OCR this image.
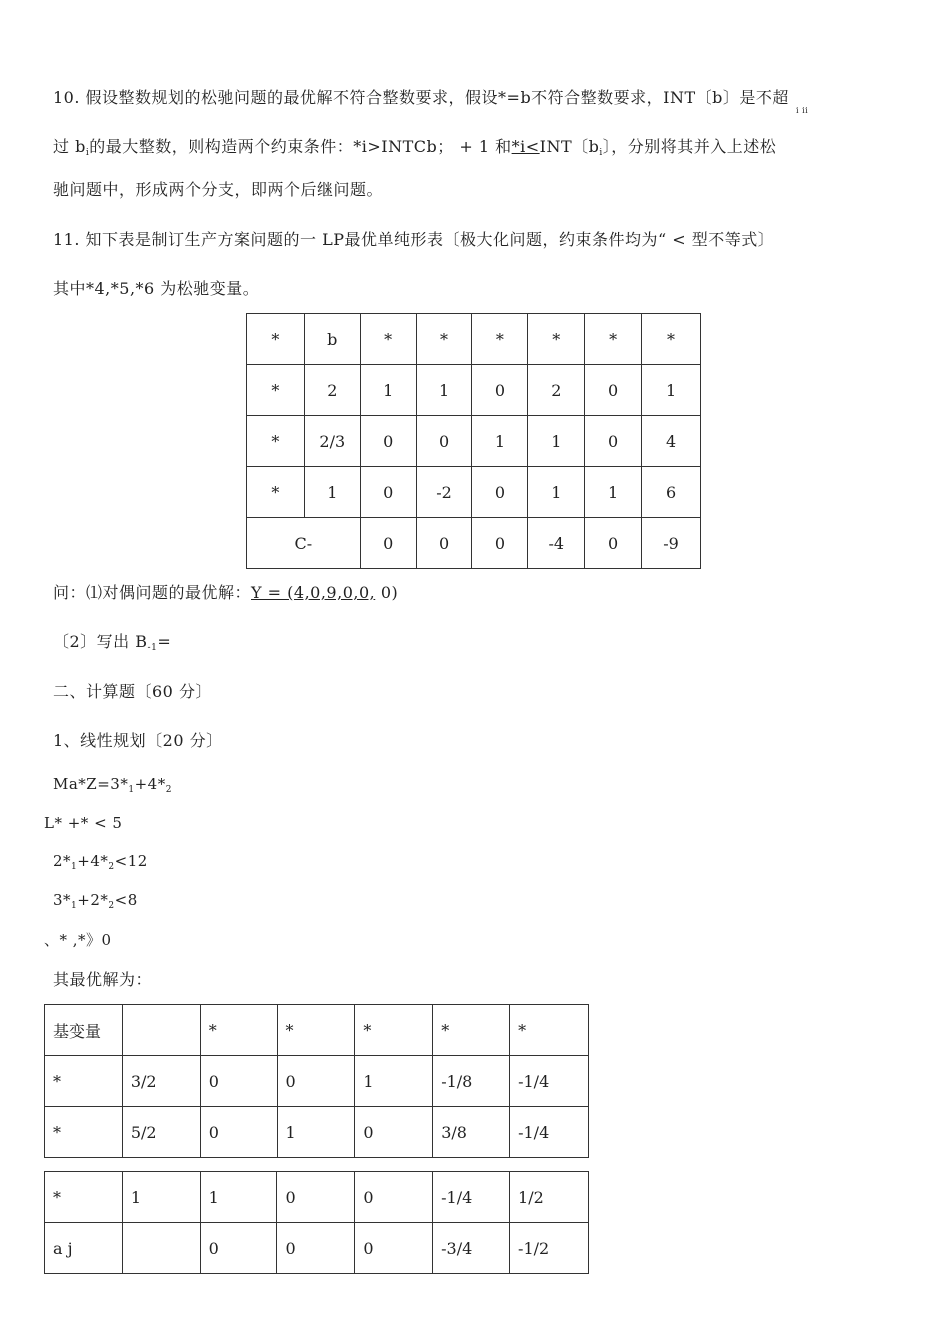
10. 假设整数规划的松驰问题的最优解不符合整数要求，假设*=b不符合整数要求，INT〔b〕是不超
i ii
过 $b_i$的最大整数，则构造两个约束条件：*i>INTCb； + 1 和*i<INT〔$b_i$〕，分别将其并入上述松
驰问题中，形成两个分支，即两个后继问题。
11. 知下表是制订生产方案问题的一 LP最优单纯形表〔极大化问题，约束条件均为“ < 型不等式〕
其中*4,*5,*6 为松驰变量。
*	b	*	*	*	*	*	*
*	2	1	1	0	2	0	1
*	2/3	0	0	1	1	0	4
*	1	0	-2	0	1	1	6
C-		0	0	0	-4	0	-9
问：⑴对偶问题的最优解：Y = (4,0,9,0,0, 0)
〔2〕写出 $B_{-1}=$
二、计算题〔60 分〕
1、线性规划〔20 分〕
$Ma*Z=3*_1+4*_2$
L* +* < 5
$2*_1+4*_2<12$
$3*_1+2*_2<8$
、* ,*》0
其最优解为：
基变量		*	*	*	*	*
*	3/2	0	0	1	-1/8	-1/4
*	5/2	0	1	0	3/8	-1/4
*	1	1	0	0	-1/4	1/2
a j		0	0	0	-3/4	-1/2
